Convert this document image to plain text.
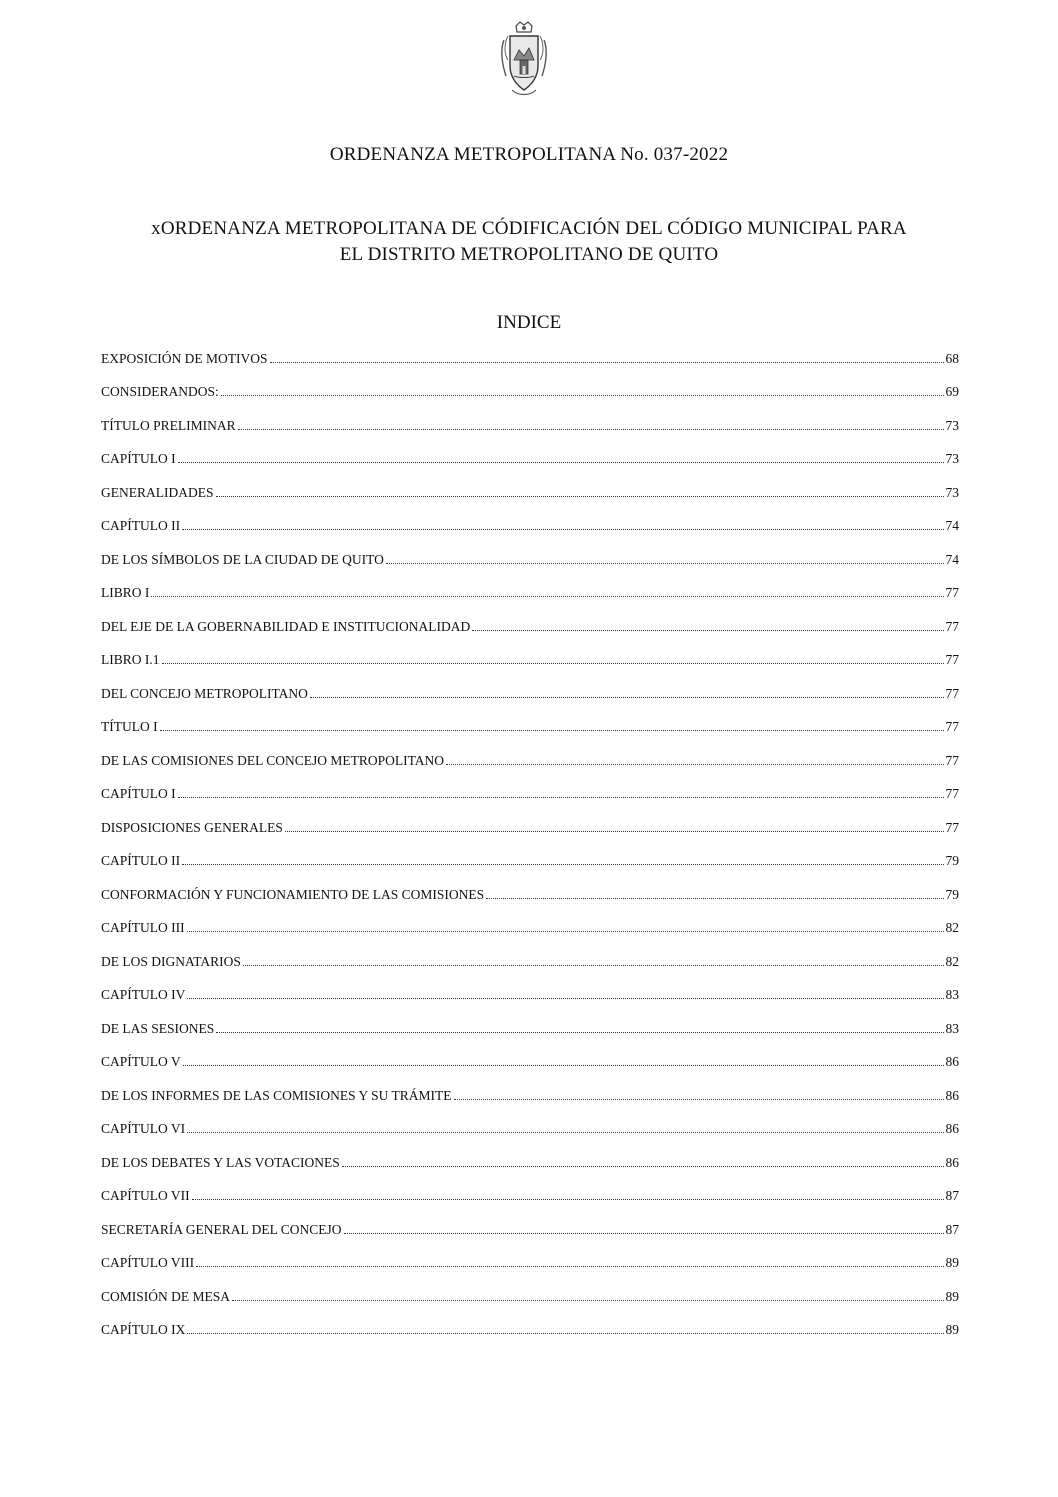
ORDENANZA METROPOLITANA No. 037-2022
xORDENANZA METROPOLITANA DE CÓDIFICACIÓN DEL CÓDIGO MUNICIPAL PARA
EL DISTRITO METROPOLITANO DE QUITO
INDICE
EXPOSICIÓN DE MOTIVOS	68
CONSIDERANDOS:	69
TÍTULO PRELIMINAR	73
CAPÍTULO I	73
GENERALIDADES	73
CAPÍTULO II	74
DE LOS SÍMBOLOS DE LA CIUDAD DE QUITO	74
LIBRO I	77
DEL EJE DE LA GOBERNABILIDAD E INSTITUCIONALIDAD	77
LIBRO I.1	77
DEL CONCEJO METROPOLITANO	77
TÍTULO I	77
DE LAS COMISIONES DEL CONCEJO METROPOLITANO	77
CAPÍTULO I	77
DISPOSICIONES GENERALES	77
CAPÍTULO II	79
CONFORMACIÓN Y FUNCIONAMIENTO DE LAS COMISIONES	79
CAPÍTULO III	82
DE LOS DIGNATARIOS	82
CAPÍTULO IV	83
DE LAS SESIONES	83
CAPÍTULO V	86
DE LOS INFORMES DE LAS COMISIONES Y SU TRÁMITE	86
CAPÍTULO VI	86
DE LOS DEBATES Y LAS VOTACIONES	86
CAPÍTULO VII	87
SECRETARÍA GENERAL DEL CONCEJO	87
CAPÍTULO VIII	89
COMISIÓN DE MESA	89
CAPÍTULO IX	89
